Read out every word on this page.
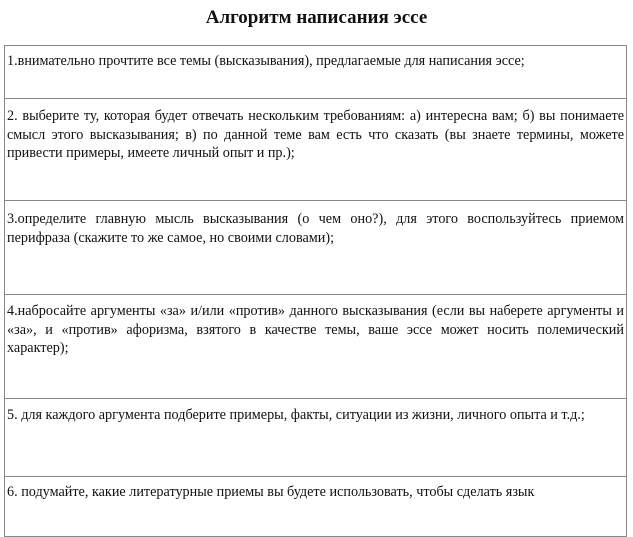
Алгоритм написания эссе
1.внимательно прочтите все темы (высказывания), предлагаемые для написания эссе;
2. выберите ту, которая будет отвечать нескольким требованиям: а) интересна вам; б) вы понимаете смысл этого высказывания; в) по данной теме вам есть что сказать (вы знаете термины, можете привести примеры, имеете личный опыт и пр.);
3.определите главную мысль высказывания (о чем оно?), для этого воспользуйтесь приемом перифраза (скажите то же самое, но своими словами);
4.набросайте аргументы «за» и/или «против» данного высказывания (если вы наберете аргументы и «за», и «против» афоризма, взятого в качестве темы, ваше эссе может носить полемический характер);
5. для каждого аргумента подберите примеры, факты, ситуации из жизни, личного опыта и т.д.;
6. подумайте, какие литературные приемы вы будете использовать, чтобы сделать язык
